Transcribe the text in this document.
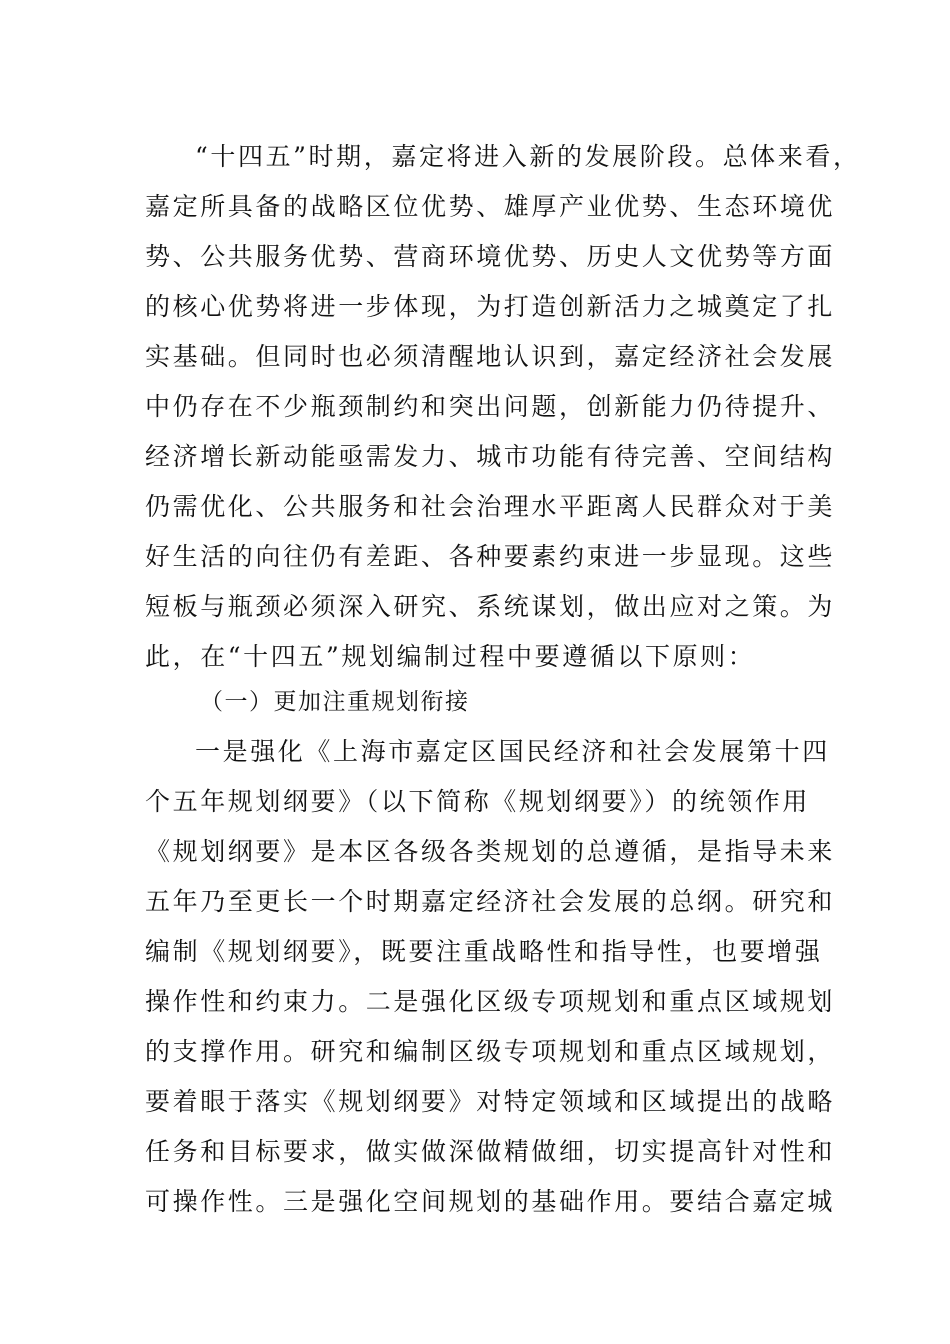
“十四五”时期，嘉定将进入新的发展阶段。总体来看，
嘉定所具备的战略区位优势、雄厚产业优势、生态环境优
势、公共服务优势、营商环境优势、历史人文优势等方面
的核心优势将进一步体现，为打造创新活力之城奠定了扎
实基础。但同时也必须清醒地认识到，嘉定经济社会发展
中仍存在不少瓶颈制约和突出问题，创新能力仍待提升、
经济增长新动能亟需发力、城市功能有待完善、空间结构
仍需优化、公共服务和社会治理水平距离人民群众对于美
好生活的向往仍有差距、各种要素约束进一步显现。这些
短板与瓶颈必须深入研究、系统谋划，做出应对之策。为
此，在“十四五”规划编制过程中要遵循以下原则：
（一）更加注重规划衔接
一是强化《上海市嘉定区国民经济和社会发展第十四
个五年规划纲要》（以下简称《规划纲要》）的统领作用
《规划纲要》是本区各级各类规划的总遵循，是指导未来
五年乃至更长一个时期嘉定经济社会发展的总纲。研究和
编制《规划纲要》，既要注重战略性和指导性，也要增强
操作性和约束力。二是强化区级专项规划和重点区域规划
的支撑作用。研究和编制区级专项规划和重点区域规划，
要着眼于落实《规划纲要》对特定领域和区域提出的战略
任务和目标要求，做实做深做精做细，切实提高针对性和
可操作性。三是强化空间规划的基础作用。要结合嘉定城
